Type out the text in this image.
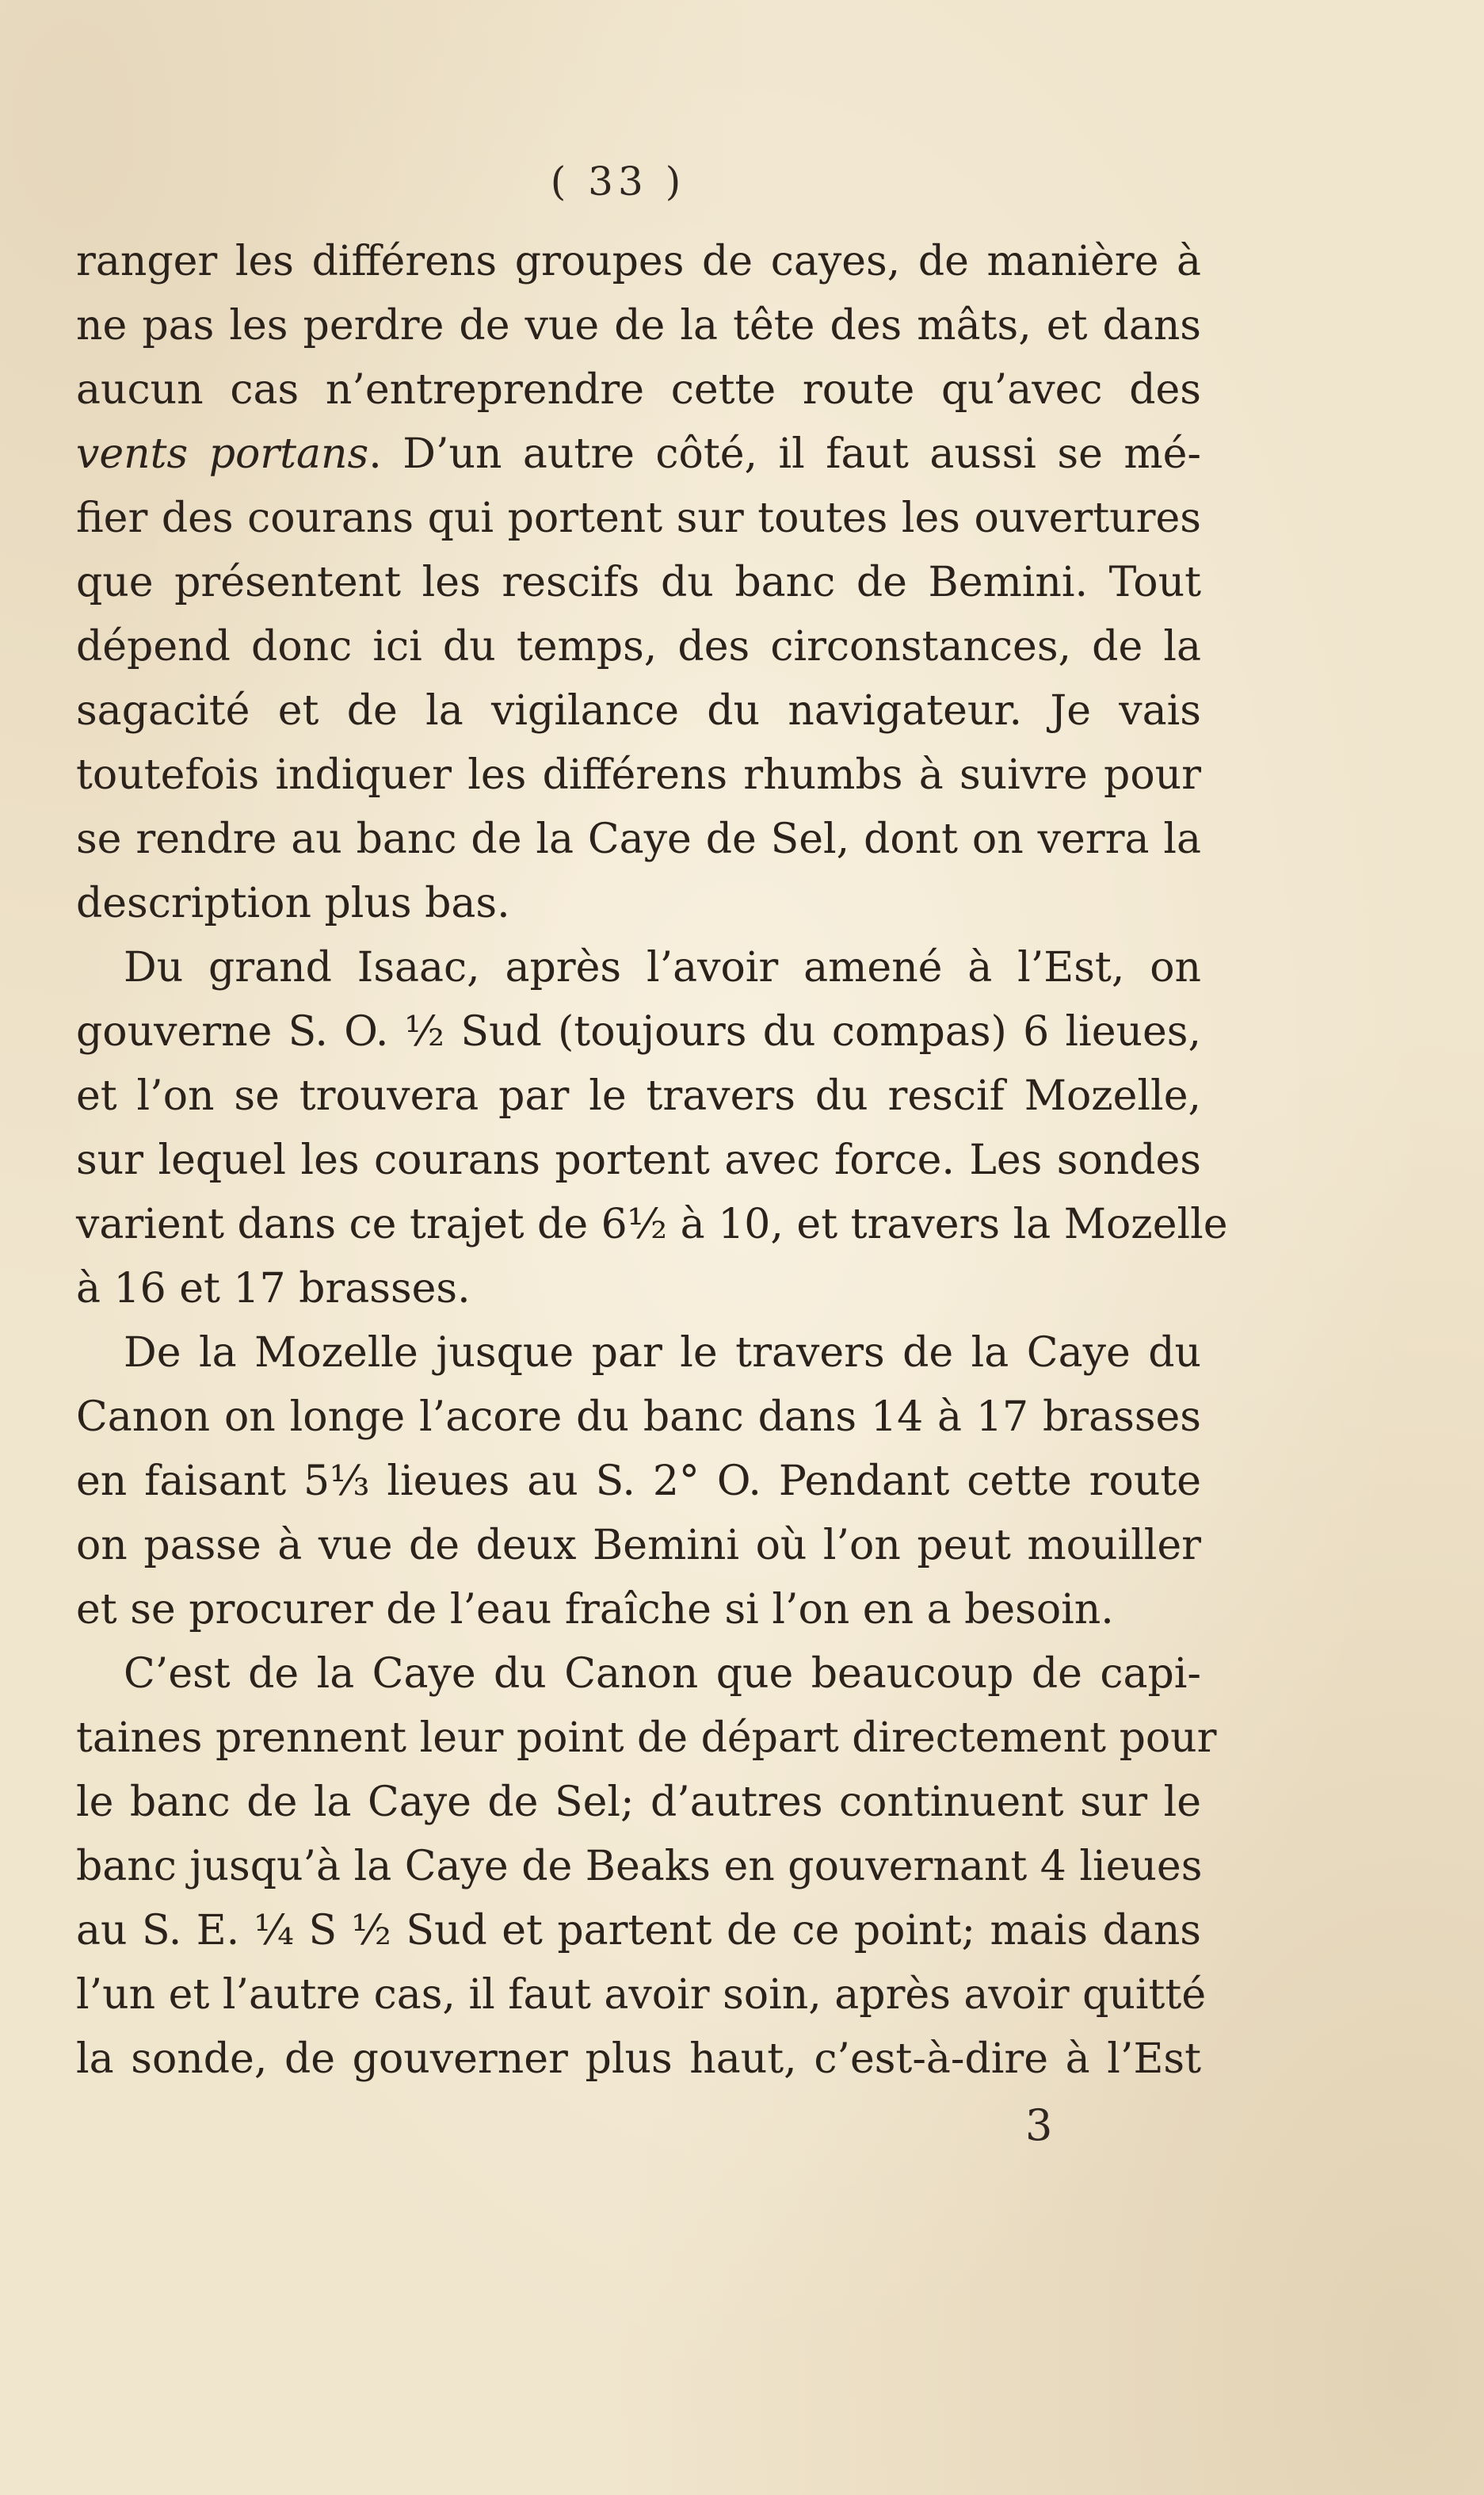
( 33 )
ranger les différens groupes de cayes, de manière à
ne pas les perdre de vue de la tête des mâts, et dans
aucun cas n’entreprendre cette route qu’avec des
vents portans. D’un autre côté, il faut aussi se mé-
fier des courans qui portent sur toutes les ouvertures
que présentent les rescifs du banc de Bemini. Tout
dépend donc ici du temps, des circonstances, de la
sagacité et de la vigilance du navigateur. Je vais
toutefois indiquer les différens rhumbs à suivre pour
se rendre au banc de la Caye de Sel, dont on verra la
description plus bas.
Du grand Isaac, après l’avoir amené à l’Est, on
gouverne S. O. ½ Sud (toujours du compas) 6 lieues,
et l’on se trouvera par le travers du rescif Mozelle,
sur lequel les courans portent avec force. Les sondes
varient dans ce trajet de 6½ à 10, et travers la Mozelle
à 16 et 17 brasses.
De la Mozelle jusque par le travers de la Caye du
Canon on longe l’acore du banc dans 14 à 17 brasses
en faisant 5⅓ lieues au S. 2° O. Pendant cette route
on passe à vue de deux Bemini où l’on peut mouiller
et se procurer de l’eau fraîche si l’on en a besoin.
C’est de la Caye du Canon que beaucoup de capi-
taines prennent leur point de départ directement pour
le banc de la Caye de Sel; d’autres continuent sur le
banc jusqu’à la Caye de Beaks en gouvernant 4 lieues
au S. E. ¼ S ½ Sud et partent de ce point; mais dans
l’un et l’autre cas, il faut avoir soin, après avoir quitté
la sonde, de gouverner plus haut, c’est-à-dire à l’Est
3
